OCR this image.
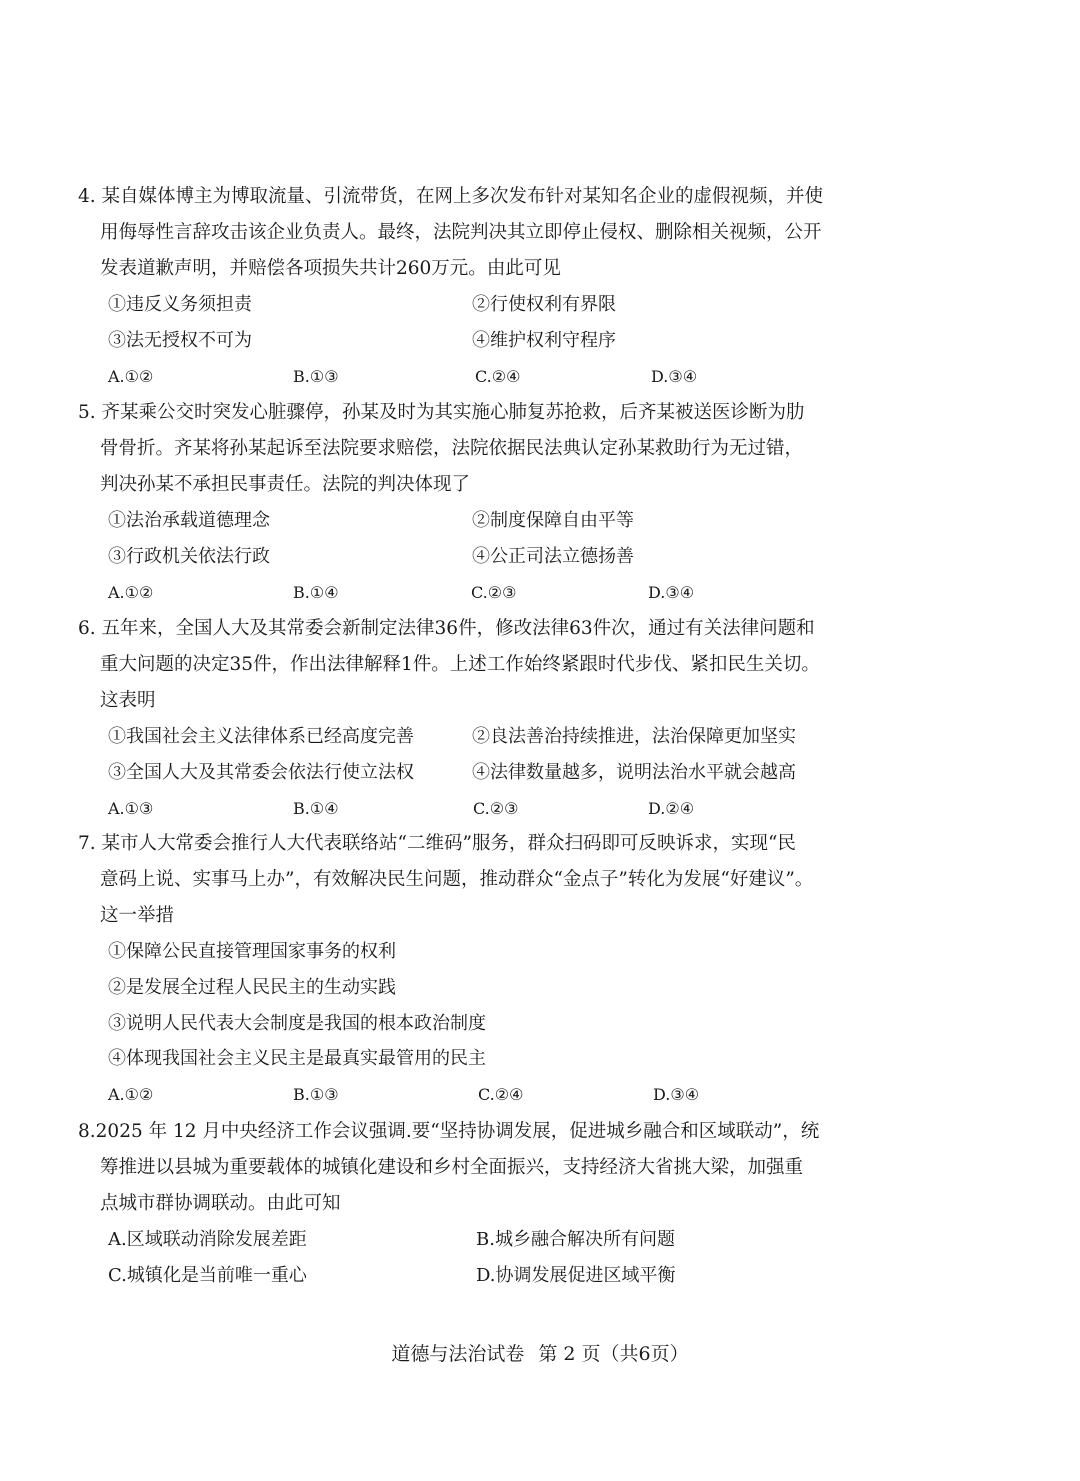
4. 某自媒体博主为博取流量、引流带货，在网上多次发布针对某知名企业的虚假视频，并使
用侮辱性言辞攻击该企业负责人。最终，法院判决其立即停止侵权、删除相关视频，公开
发表道歉声明，并赔偿各项损失共计260万元。由此可见
①违反义务须担责	②行使权利有界限
③法无授权不可为	④维护权利守程序
A.①②	B.①③	C.②④	D.③④
5. 齐某乘公交时突发心脏骤停，孙某及时为其实施心肺复苏抢救，后齐某被送医诊断为肋
骨骨折。齐某将孙某起诉至法院要求赔偿，法院依据民法典认定孙某救助行为无过错，
判决孙某不承担民事责任。法院的判决体现了
①法治承载道德理念	②制度保障自由平等
③行政机关依法行政	④公正司法立德扬善
A.①②	B.①④	C.②③	D.③④
6. 五年来，全国人大及其常委会新制定法律36件，修改法律63件次，通过有关法律问题和
重大问题的决定35件，作出法律解释1件。上述工作始终紧跟时代步伐、紧扣民生关切。
这表明
①我国社会主义法律体系已经高度完善	②良法善治持续推进，法治保障更加坚实
③全国人大及其常委会依法行使立法权	④法律数量越多，说明法治水平就会越高
A.①③	B.①④	C.②③	D.②④
7. 某市人大常委会推行人大代表联络站“二维码”服务，群众扫码即可反映诉求，实现“民
意码上说、实事马上办”，有效解决民生问题，推动群众“金点子”转化为发展“好建议”。
这一举措
①保障公民直接管理国家事务的权利
②是发展全过程人民民主的生动实践
③说明人民代表大会制度是我国的根本政治制度
④体现我国社会主义民主是最真实最管用的民主
A.①②	B.①③	C.②④	D.③④
8.2025 年 12 月中央经济工作会议强调.要“坚持协调发展，促进城乡融合和区域联动”，统
筹推进以县城为重要载体的城镇化建设和乡村全面振兴，支持经济大省挑大梁，加强重
点城市群协调联动。由此可知
A.区域联动消除发展差距	B.城乡融合解决所有问题
C.城镇化是当前唯一重心	D.协调发展促进区域平衡
道德与法治试卷 第 2 页（共6页）
